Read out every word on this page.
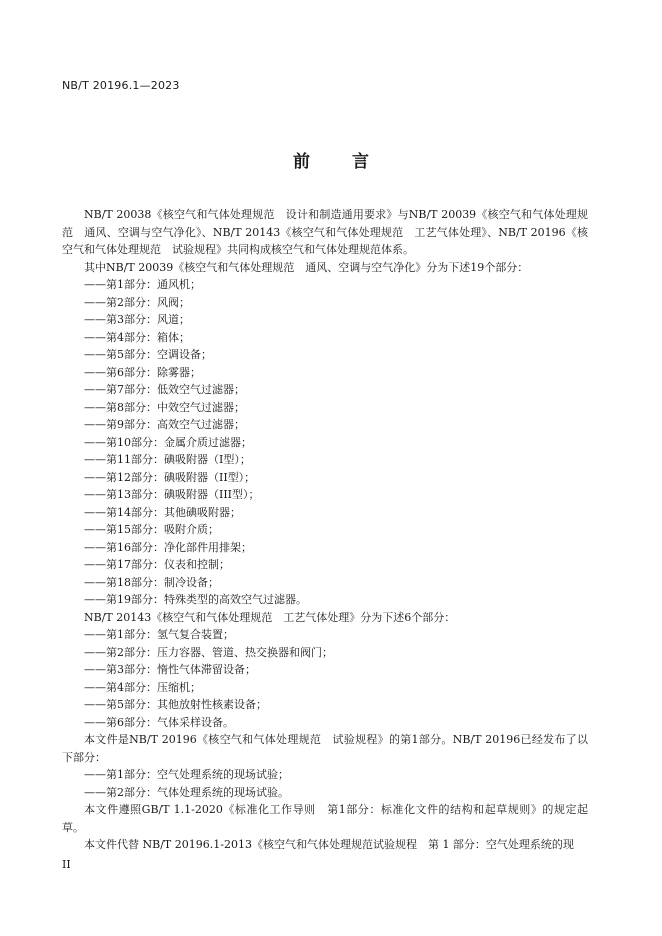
NB/T 20196.1—2023
前 言

NB/T 20038《核空气和气体处理规范　设计和制造通用要求》与NB/T 20039《核空气和气体处理规范　通风、空调与空气净化》、NB/T 20143《核空气和气体处理规范　工艺气体处理》、NB/T 20196《核空气和气体处理规范　试验规程》共同构成核空气和气体处理规范体系。

其中NB/T 20039《核空气和气体处理规范　通风、空调与空气净化》分为下述19个部分：

——第1部分：通风机；

——第2部分：风阀；

——第3部分：风道；

——第4部分：箱体；

——第5部分：空调设备；

——第6部分：除雾器；

——第7部分：低效空气过滤器；

——第8部分：中效空气过滤器；

——第9部分：高效空气过滤器；

——第10部分：金属介质过滤器；

——第11部分：碘吸附器（I型）；

——第12部分：碘吸附器（II型）；

——第13部分：碘吸附器（III型）；

——第14部分：其他碘吸附器；

——第15部分：吸附介质；

——第16部分：净化部件用排架；

——第17部分：仪表和控制；

——第18部分：制冷设备；

——第19部分：特殊类型的高效空气过滤器。

NB/T 20143《核空气和气体处理规范　工艺气体处理》分为下述6个部分：

——第1部分：氢气复合装置；

——第2部分：压力容器、管道、热交换器和阀门；

——第3部分：惰性气体滞留设备；

——第4部分：压缩机；

——第5部分：其他放射性核素设备；

——第6部分：气体采样设备。

本文件是NB/T 20196《核空气和气体处理规范　试验规程》的第1部分。NB/T 20196已经发布了以下部分：

——第1部分：空气处理系统的现场试验；

——第2部分：气体处理系统的现场试验。

本文件遵照GB/T 1.1-2020《标准化工作导则　第1部分：标准化文件的结构和起草规则》的规定起草。

本文件代替 NB/T 20196.1-2013《核空气和气体处理规范试验规程　第 1 部分：空气处理系统的现

II
